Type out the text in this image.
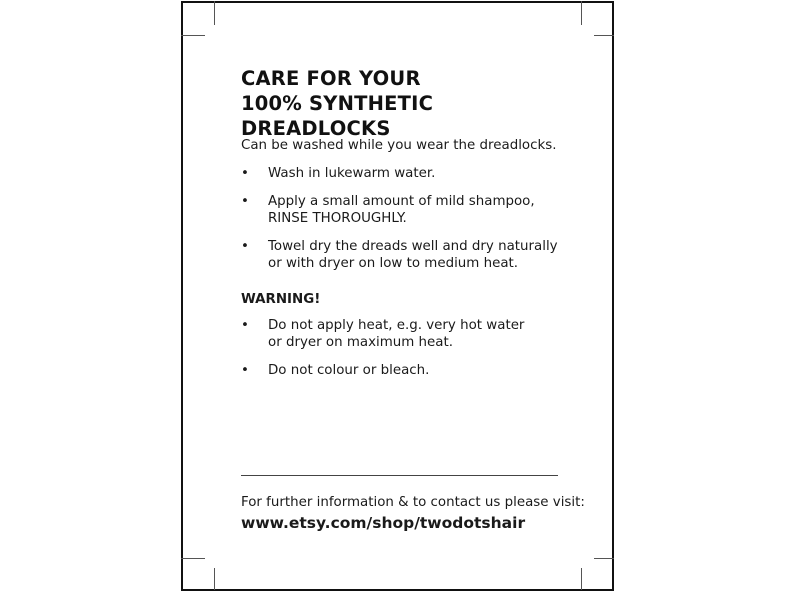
CARE FOR YOUR
100% SYNTHETIC DREADLOCKS

Can be washed while you wear the dreadlocks.

• Wash in lukewarm water.
• Apply a small amount of mild shampoo,
RINSE THOROUGHLY.
• Towel dry the dreads well and dry naturally
or with dryer on low to medium heat.

WARNING!

• Do not apply heat, e.g. very hot water
or dryer on maximum heat.
• Do not colour or bleach.
For further information & to contact us please visit:
www.etsy.com/shop/twodotshair
